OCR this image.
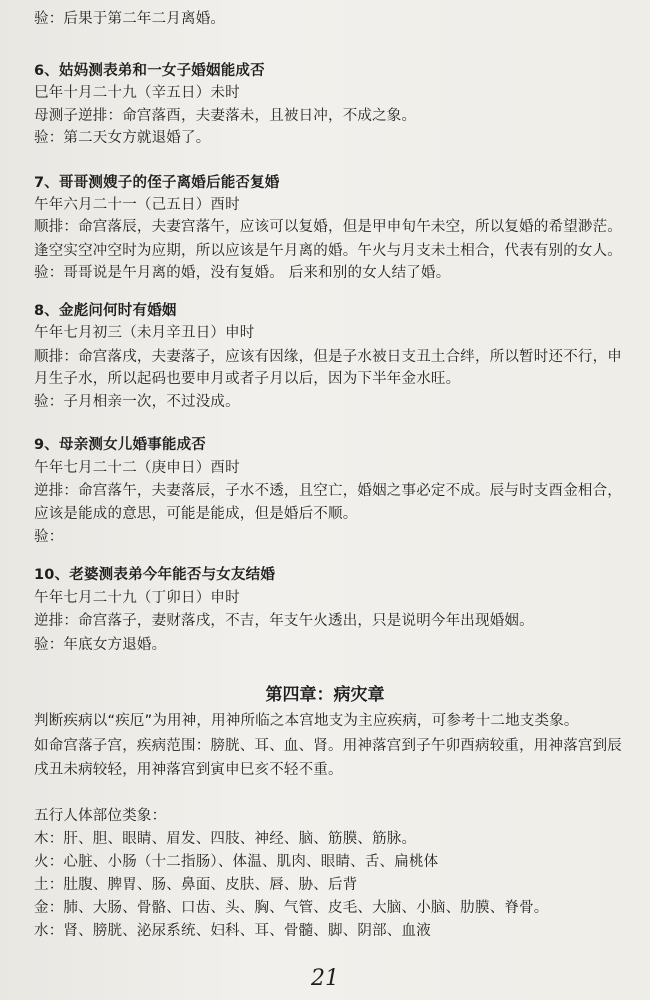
验：后果于第二年二月离婚。
6、姑妈测表弟和一女子婚姻能成否
巳年十月二十九（辛五日）未时
母测子逆排：命宫落酉，夫妻落未，且被日冲，不成之象。
验：第二天女方就退婚了。
7、哥哥测嫂子的侄子离婚后能否复婚
午年六月二十一（己五日）酉时
顺排：命宫落辰，夫妻宫落午，应该可以复婚，但是甲申旬午未空，所以复婚的希望渺茫。
逢空实空冲空时为应期，所以应该是午月离的婚。午火与月支未土相合，代表有别的女人。
验：哥哥说是午月离的婚，没有复婚。 后来和别的女人结了婚。
8、金彪问何时有婚姻
午年七月初三（未月辛丑日）申时
顺排：命宫落戌，夫妻落子，应该有因缘，但是子水被日支丑土合绊，所以暂时还不行，申
月生子水，所以起码也要申月或者子月以后，因为下半年金水旺。
验：子月相亲一次，不过没成。
9、母亲测女儿婚事能成否
午年七月二十二（庚申日）酉时
逆排：命宫落午，夫妻落辰，子水不透，且空亡，婚姻之事必定不成。辰与时支酉金相合，
应该是能成的意思，可能是能成，但是婚后不顺。
验：
10、老婆测表弟今年能否与女友结婚
午年七月二十九（丁卯日）申时
逆排：命宫落子，妻财落戌，不吉，年支午火透出，只是说明今年出现婚姻。
验：年底女方退婚。
第四章：病灾章
判断疾病以“疾厄”为用神，用神所临之本宫地支为主应疾病，可参考十二地支类象。
如命宫落子宫，疾病范围：膀胱、耳、血、肾。用神落宫到子午卯酉病较重，用神落宫到辰
戌丑未病较轻，用神落宫到寅申巳亥不轻不重。
五行人体部位类象：
木：肝、胆、眼睛、眉发、四肢、神经、脑、筋膜、筋脉。
火：心脏、小肠（十二指肠）、体温、肌肉、眼睛、舌、扁桃体
土：肚腹、脾胃、肠、鼻面、皮肤、唇、胁、后背
金：肺、大肠、骨骼、口齿、头、胸、气管、皮毛、大脑、小脑、肋膜、脊骨。
水：肾、膀胱、泌尿系统、妇科、耳、骨髓、脚、阴部、血液
21
